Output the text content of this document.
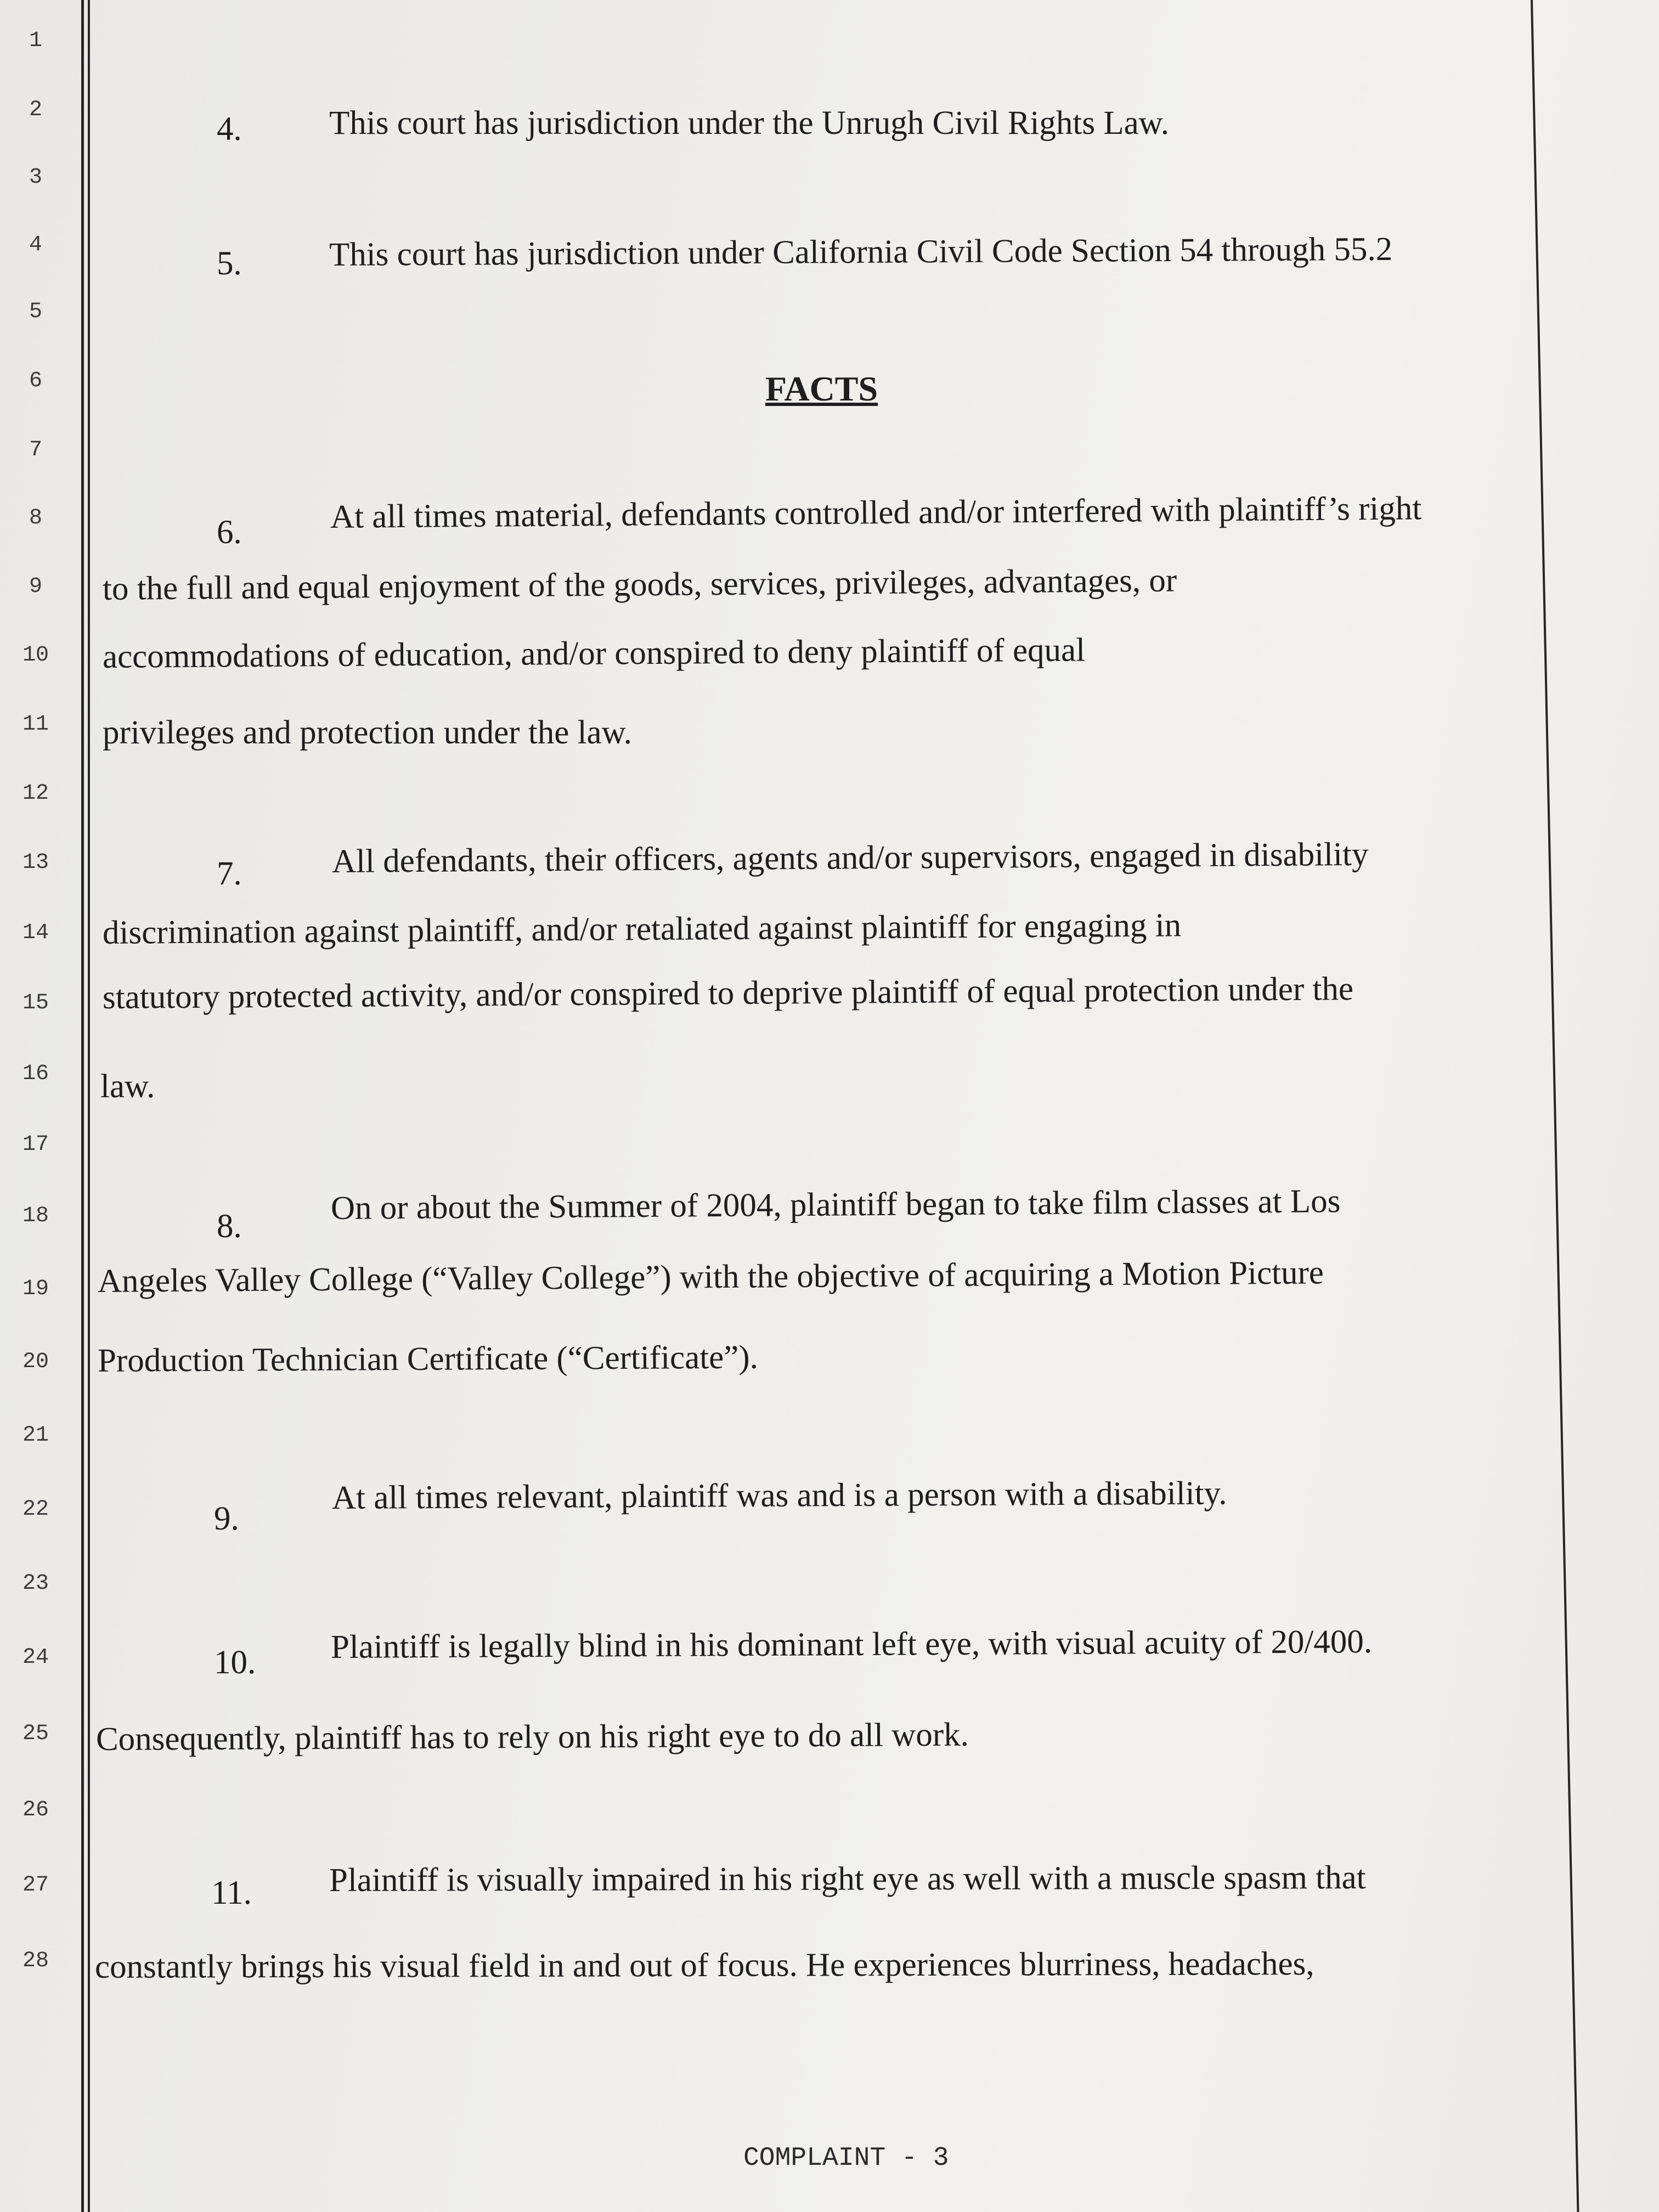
1
2
3
4
5
6
7
8
9
10
11
12
13
14
15
16
17
18
19
20
21
22
23
24
25
26
27
28
4.	This court has jurisdiction under the Unrugh Civil Rights Law.
5.	This court has jurisdiction under California Civil Code Section 54 through 55.2
FACTS
6.	At all times material, defendants controlled and/or interfered with plaintiff’s right
to the full and equal enjoyment of the goods, services, privileges, advantages, or
accommodations of education, and/or conspired to deny plaintiff of equal
privileges and protection under the law.
7.	All defendants, their officers, agents and/or supervisors, engaged in disability
discrimination against plaintiff, and/or retaliated against plaintiff for engaging in
statutory protected activity, and/or conspired to deprive plaintiff of equal protection under the
law.
8.	On or about the Summer of 2004, plaintiff began to take film classes at Los
Angeles Valley College (“Valley College”) with the objective of acquiring a Motion Picture
Production Technician Certificate (“Certificate”).
9.
At all times relevant, plaintiff was and is a person with a disability.
10. Plaintiff is legally blind in his dominant left eye, with visual acuity of 20/400.
Consequently, plaintiff has to rely on his right eye to do all work.
11. Plaintiff is visually impaired in his right eye as well with a muscle spasm that
constantly brings his visual field in and out of focus. He experiences blurriness, headaches,
COMPLAINT - 3
